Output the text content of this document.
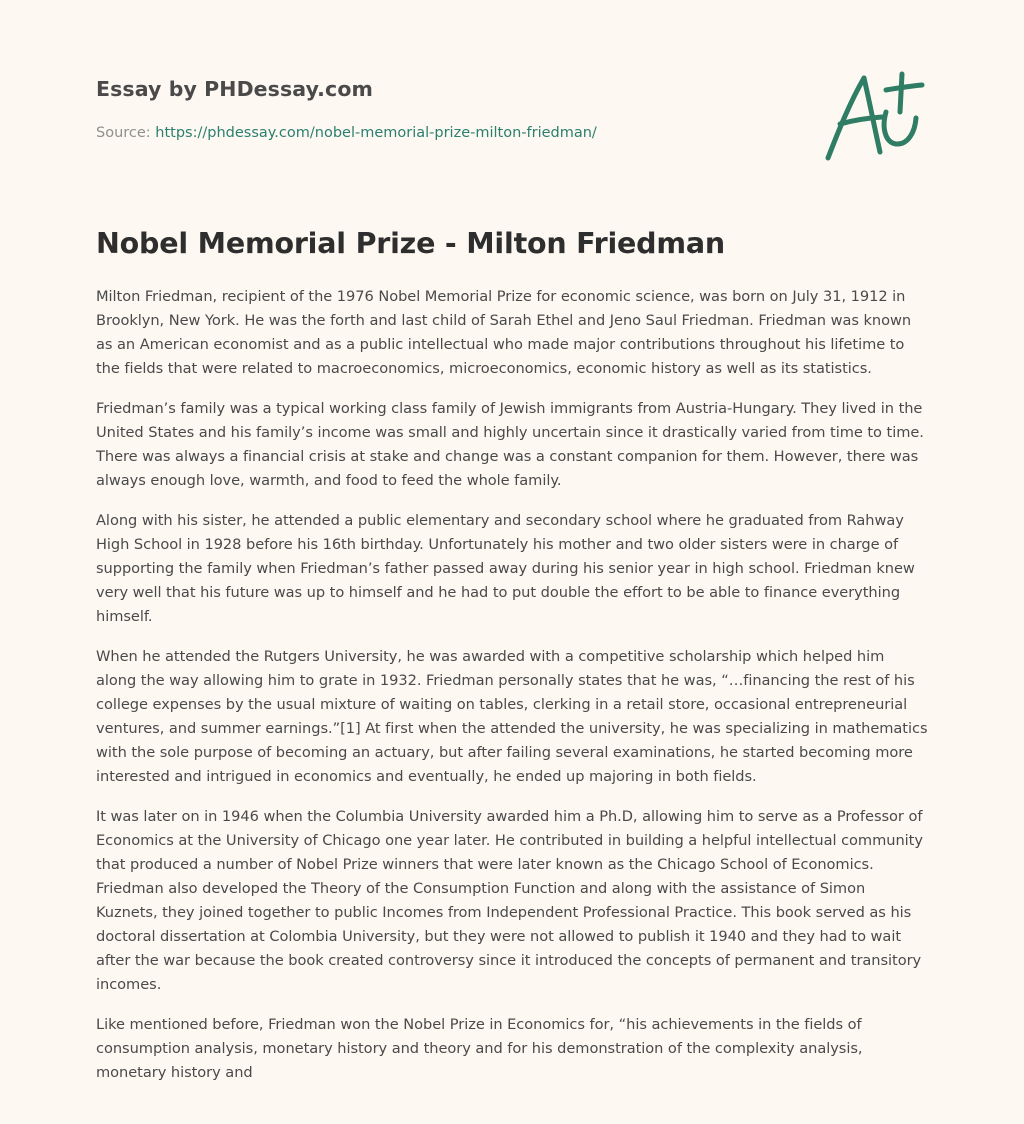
Essay by PHDessay.com
Source: https://phdessay.com/nobel-memorial-prize-milton-friedman/
Nobel Memorial Prize - Milton Friedman

Milton Friedman, recipient of the 1976 Nobel Memorial Prize for economic science, was born on July 31, 1912 in Brooklyn, New York. He was the forth and last child of Sarah Ethel and Jeno Saul Friedman. Friedman was known as an American economist and as a public intellectual who made major contributions throughout his lifetime to the fields that were related to macroeconomics, microeconomics, economic history as well as its statistics.

Friedman’s family was a typical working class family of Jewish immigrants from Austria-Hungary. They lived in the United States and his family’s income was small and highly uncertain since it drastically varied from time to time. There was always a financial crisis at stake and change was a constant companion for them. However, there was always enough love, warmth, and food to feed the whole family.

Along with his sister, he attended a public elementary and secondary school where he graduated from Rahway High School in 1928 before his 16th birthday. Unfortunately his mother and two older sisters were in charge of supporting the family when Friedman’s father passed away during his senior year in high school. Friedman knew very well that his future was up to himself and he had to put double the effort to be able to finance everything himself.

When he attended the Rutgers University, he was awarded with a competitive scholarship which helped him along the way allowing him to grate in 1932. Friedman personally states that he was, “…financing the rest of his college expenses by the usual mixture of waiting on tables, clerking in a retail store, occasional entrepreneurial ventures, and summer earnings.”[1] At first when the attended the university, he was specializing in mathematics with the sole purpose of becoming an actuary, but after failing several examinations, he started becoming more interested and intrigued in economics and eventually, he ended up majoring in both fields.

It was later on in 1946 when the Columbia University awarded him a Ph.D, allowing him to serve as a Professor of Economics at the University of Chicago one year later. He contributed in building a helpful intellectual community that produced a number of Nobel Prize winners that were later known as the Chicago School of Economics. Friedman also developed the Theory of the Consumption Function and along with the assistance of Simon Kuznets, they joined together to public Incomes from Independent Professional Practice. This book served as his doctoral dissertation at Colombia University, but they were not allowed to publish it 1940 and they had to wait after the war because the book created controversy since it introduced the concepts of permanent and transitory incomes.

Like mentioned before, Friedman won the Nobel Prize in Economics for, “his achievements in the fields of consumption analysis, monetary history and theory and for his demonstration of the complexity analysis, monetary history and
